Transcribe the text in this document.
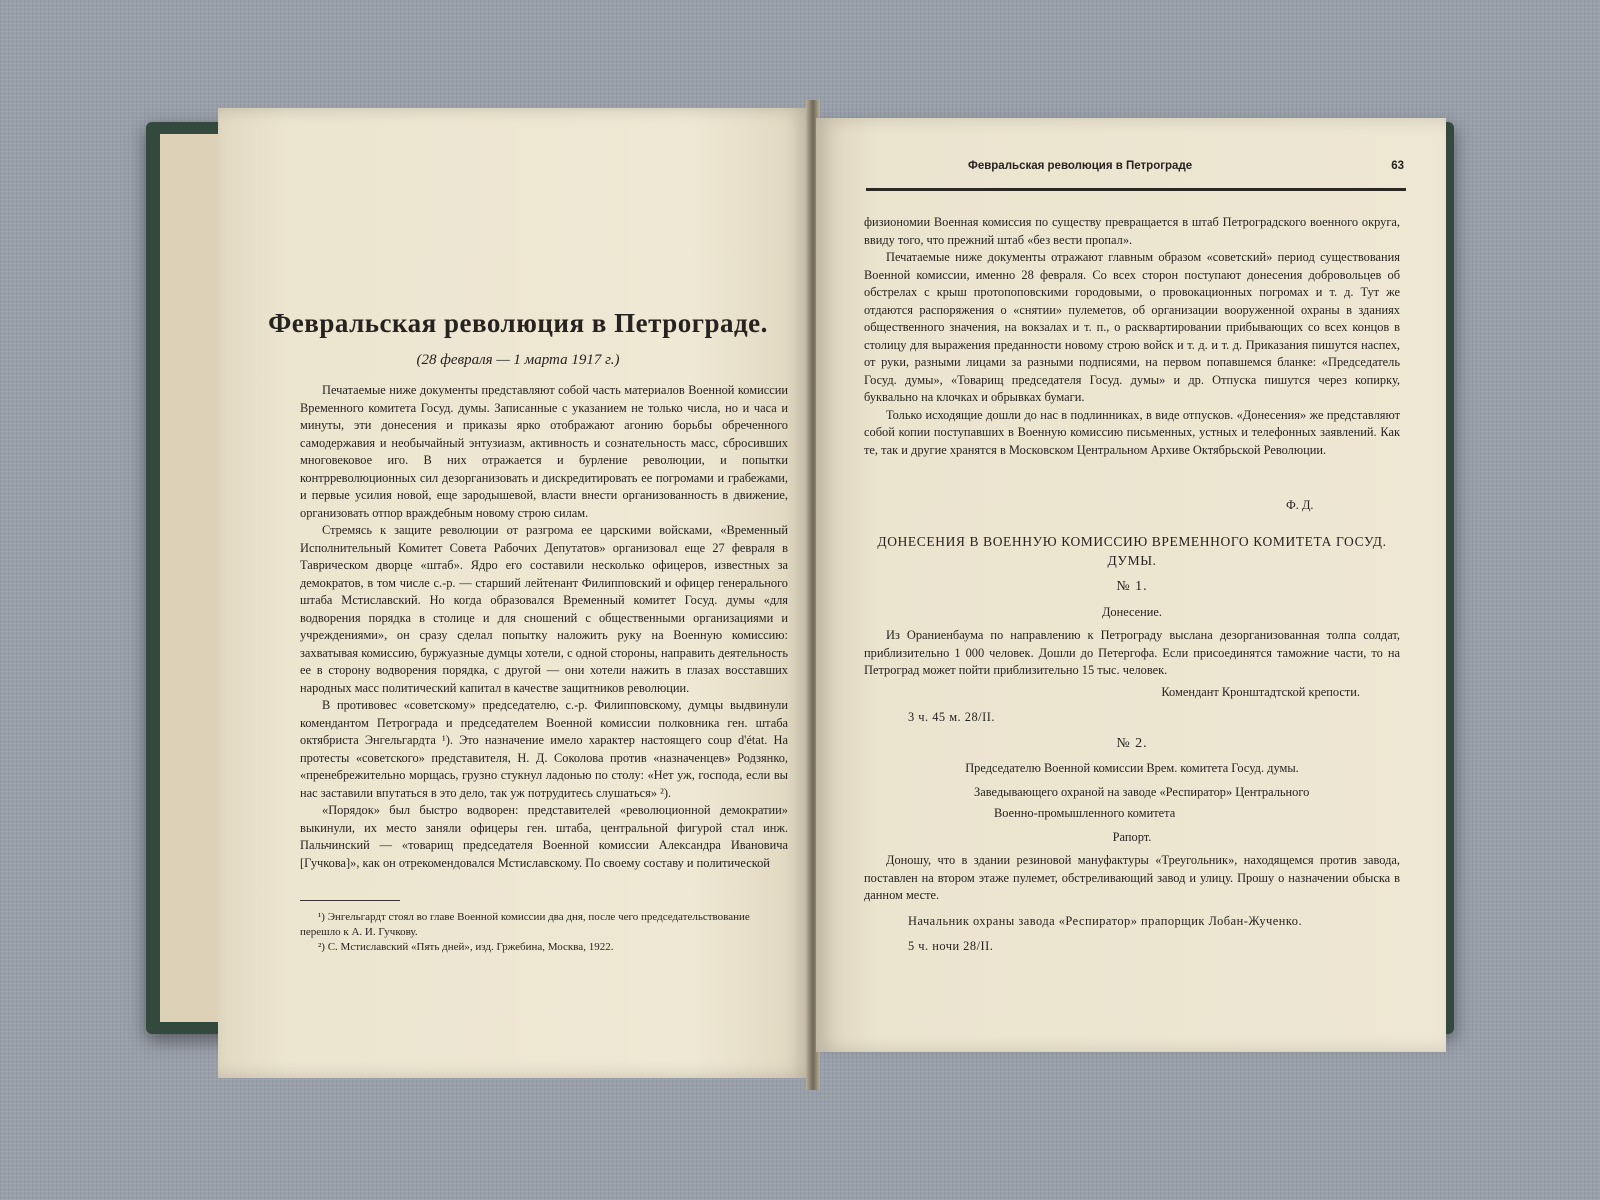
Февральская революция в Петрограде.
(28 февраля — 1 марта 1917 г.)

Печатаемые ниже документы представляют собой часть материалов Военной комиссии Временного комитета Госуд. думы. Записанные с указанием не только числа, но и часа и минуты, эти донесения и приказы ярко отображают агонию борьбы обреченного самодержавия и необычайный энтузиазм, активность и сознательность масс, сбросивших многовековое иго. В них отражается и бурление революции, и попытки контрреволюционных сил дезорганизовать и дискредитировать ее погромами и грабежами, и первые усилия новой, еще зародышевой, власти внести организованность в движение, организовать отпор враждебным новому строю силам.

Стремясь к защите революции от разгрома ее царскими войсками, «Временный Исполнительный Комитет Совета Рабочих Депутатов» организовал еще 27 февраля в Таврическом дворце «штаб». Ядро его составили несколько офицеров, известных за демократов, в том числе с.-р. — старший лейтенант Филипповский и офицер генерального штаба Мстиславский. Но когда образовался Временный комитет Госуд. думы «для водворения порядка в столице и для сношений с общественными организациями и учреждениями», он сразу сделал попытку наложить руку на Военную комиссию: захватывая комиссию, буржуазные думцы хотели, с одной стороны, направить деятельность ее в сторону водворения порядка, с другой — они хотели нажить в глазах восставших народных масс политический капитал в качестве защитников революции.

В противовес «советскому» председателю, с.-р. Филипповскому, думцы выдвинули комендантом Петрограда и председателем Военной комиссии полковника ген. штаба октябриста Энгельгардта ¹). Это назначение имело характер настоящего coup d'état. На протесты «советского» представителя, Н. Д. Соколова против «назначенцев» Родзянко, «пренебрежительно морщась, грузно стукнул ладонью по столу: «Нет уж, господа, если вы нас заставили впутаться в это дело, так уж потрудитесь слушаться» ²).

«Порядок» был быстро водворен: представителей «революционной демократии» выкинули, их место заняли офицеры ген. штаба, центральной фигурой стал инж. Пальчинский — «товарищ председателя Военной комиссии Александра Ивановича [Гучкова]», как он отрекомендовался Мстиславскому. По своему составу и политической

¹) Энгельгардт стоял во главе Военной комиссии два дня, после чего председательствование перешло к А. И. Гучкову.

²) С. Мстиславский «Пять дней», изд. Гржебина, Москва, 1922.

Февральская революция в Петрограде	63

физиономии Военная комиссия по существу превращается в штаб Петроградского военного округа, ввиду того, что прежний штаб «без вести пропал».

Печатаемые ниже документы отражают главным образом «советский» период существования Военной комиссии, именно 28 февраля. Со всех сторон поступают донесения добровольцев об обстрелах с крыш протопоповскими городовыми, о провокационных погромах и т. д. Тут же отдаются распоряжения о «снятии» пулеметов, об организации вооруженной охраны в зданиях общественного значения, на вокзалах и т. п., о расквартировании прибывающих со всех концов в столицу для выражения преданности новому строю войск и т. д. и т. д. Приказания пишутся наспех, от руки, разными лицами за разными подписями, на первом попавшемся бланке: «Председатель Госуд. думы», «Товарищ председателя Госуд. думы» и др. Отпуска пишутся через копирку, буквально на клочках и обрывках бумаги.

Только исходящие дошли до нас в подлинниках, в виде отпусков. «Донесения» же представляют собой копии поступавших в Военную комиссию письменных, устных и телефонных заявлений. Как те, так и другие хранятся в Московском Центральном Архиве Октябрьской Революции.

Ф. Д.
ДОНЕСЕНИЯ В ВОЕННУЮ КОМИССИЮ ВРЕМЕННОГО КОМИТЕТА ГОСУД. ДУМЫ.
№ 1.
Донесение.
Из Ораниенбаума по направлению к Петрограду выслана дезорганизованная толпа солдат, приблизительно 1 000 человек. Дошли до Петергофа. Если присоединятся таможние части, то на Петроград может пойти приблизительно 15 тыс. человек.
Комендант Кронштадтской крепости.
3 ч. 45 м. 28/II.
№ 2.
Председателю Военной комиссии Врем. комитета Госуд. думы.
Заведывающего охраной на заводе «Респиратор» Центрального
Военно-промышленного комитета
Рапорт.
Доношу, что в здании резиновой мануфактуры «Треугольник», находящемся против завода, поставлен на втором этаже пулемет, обстреливающий завод и улицу. Прошу о назначении обыска в данном месте.
Начальник охраны завода «Респиратор» прапорщик Лобан-Жученко.
5 ч. ночи 28/II.
